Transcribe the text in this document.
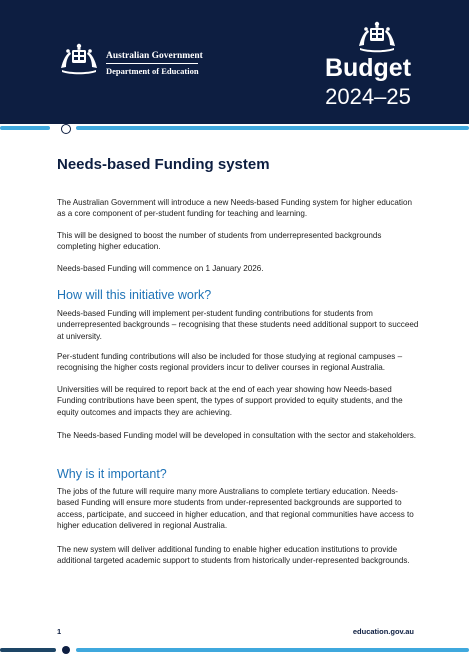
Australian Government
Department of Education	Budget
2024–25
Needs-based Funding system

The Australian Government will introduce a new Needs-based Funding system for higher education as a core component of per-student funding for teaching and learning.

This will be designed to boost the number of students from underrepresented backgrounds completing higher education.

Needs-based Funding will commence on 1 January 2026.

How will this initiative work?

Needs-based Funding will implement per-student funding contributions for students from underrepresented backgrounds – recognising that these students need additional support to succeed at university.

Per-student funding contributions will also be included for those studying at regional campuses – recognising the higher costs regional providers incur to deliver courses in regional Australia.

Universities will be required to report back at the end of each year showing how Needs-based Funding contributions have been spent, the types of support provided to equity students, and the equity outcomes and impacts they are achieving.

The Needs-based Funding model will be developed in consultation with the sector and stakeholders.

Why is it important?

The jobs of the future will require many more Australians to complete tertiary education. Needs-based Funding will ensure more students from under-represented backgrounds are supported to access, participate, and succeed in higher education, and that regional communities have access to higher education delivered in regional Australia.

The new system will deliver additional funding to enable higher education institutions to provide additional targeted academic support to students from historically under-represented backgrounds.

1	education.gov.au
